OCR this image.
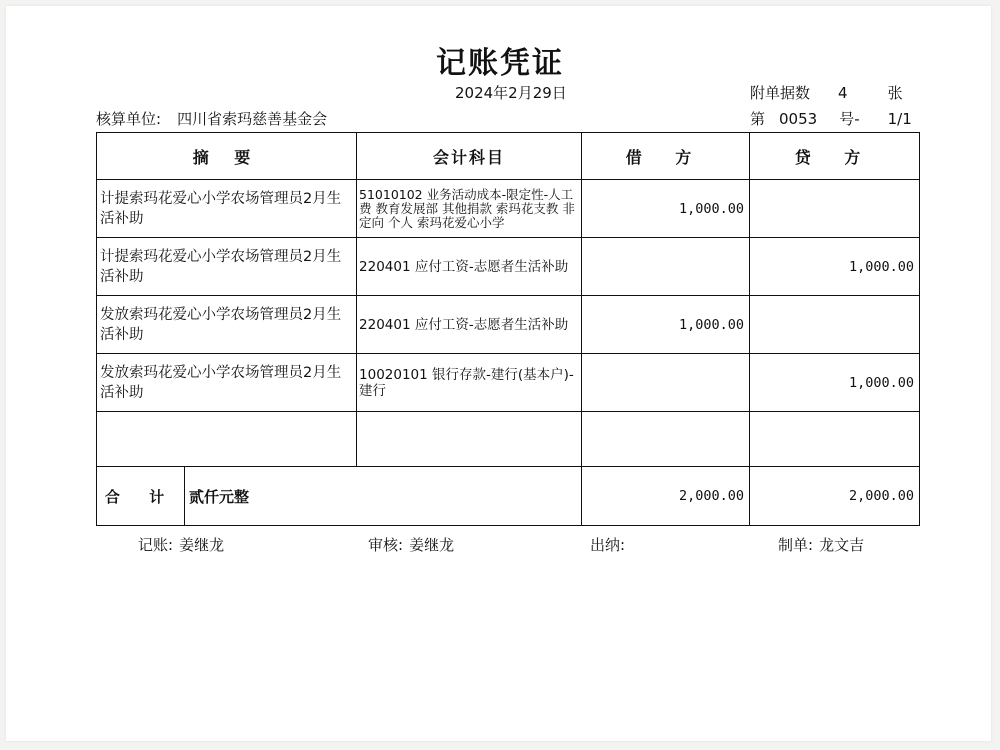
记账凭证
2024年2月29日	附单据数 4	张
核算单位: 四川省索玛慈善基金会	第 0053 号- 1/1
摘 要		会计科目	借 方	贷 方
计提索玛花爱心小学农场管理员2月生活补助		51010102 业务活动成本-限定性-人工费 教育发展部 其他捐款 索玛花支教 非定向 个人 索玛花爱心小学	1,000.00	
计提索玛花爱心小学农场管理员2月生活补助		220401 应付工资-志愿者生活补助		1,000.00
发放索玛花爱心小学农场管理员2月生活补助		220401 应付工资-志愿者生活补助	1,000.00	
发放索玛花爱心小学农场管理员2月生活补助		10020101 银行存款-建行(基本户)-建行		1,000.00

合 计	贰仟元整		2,000.00	2,000.00
记账: 姜继龙	审核: 姜继龙	出纳:	制单: 龙文吉
